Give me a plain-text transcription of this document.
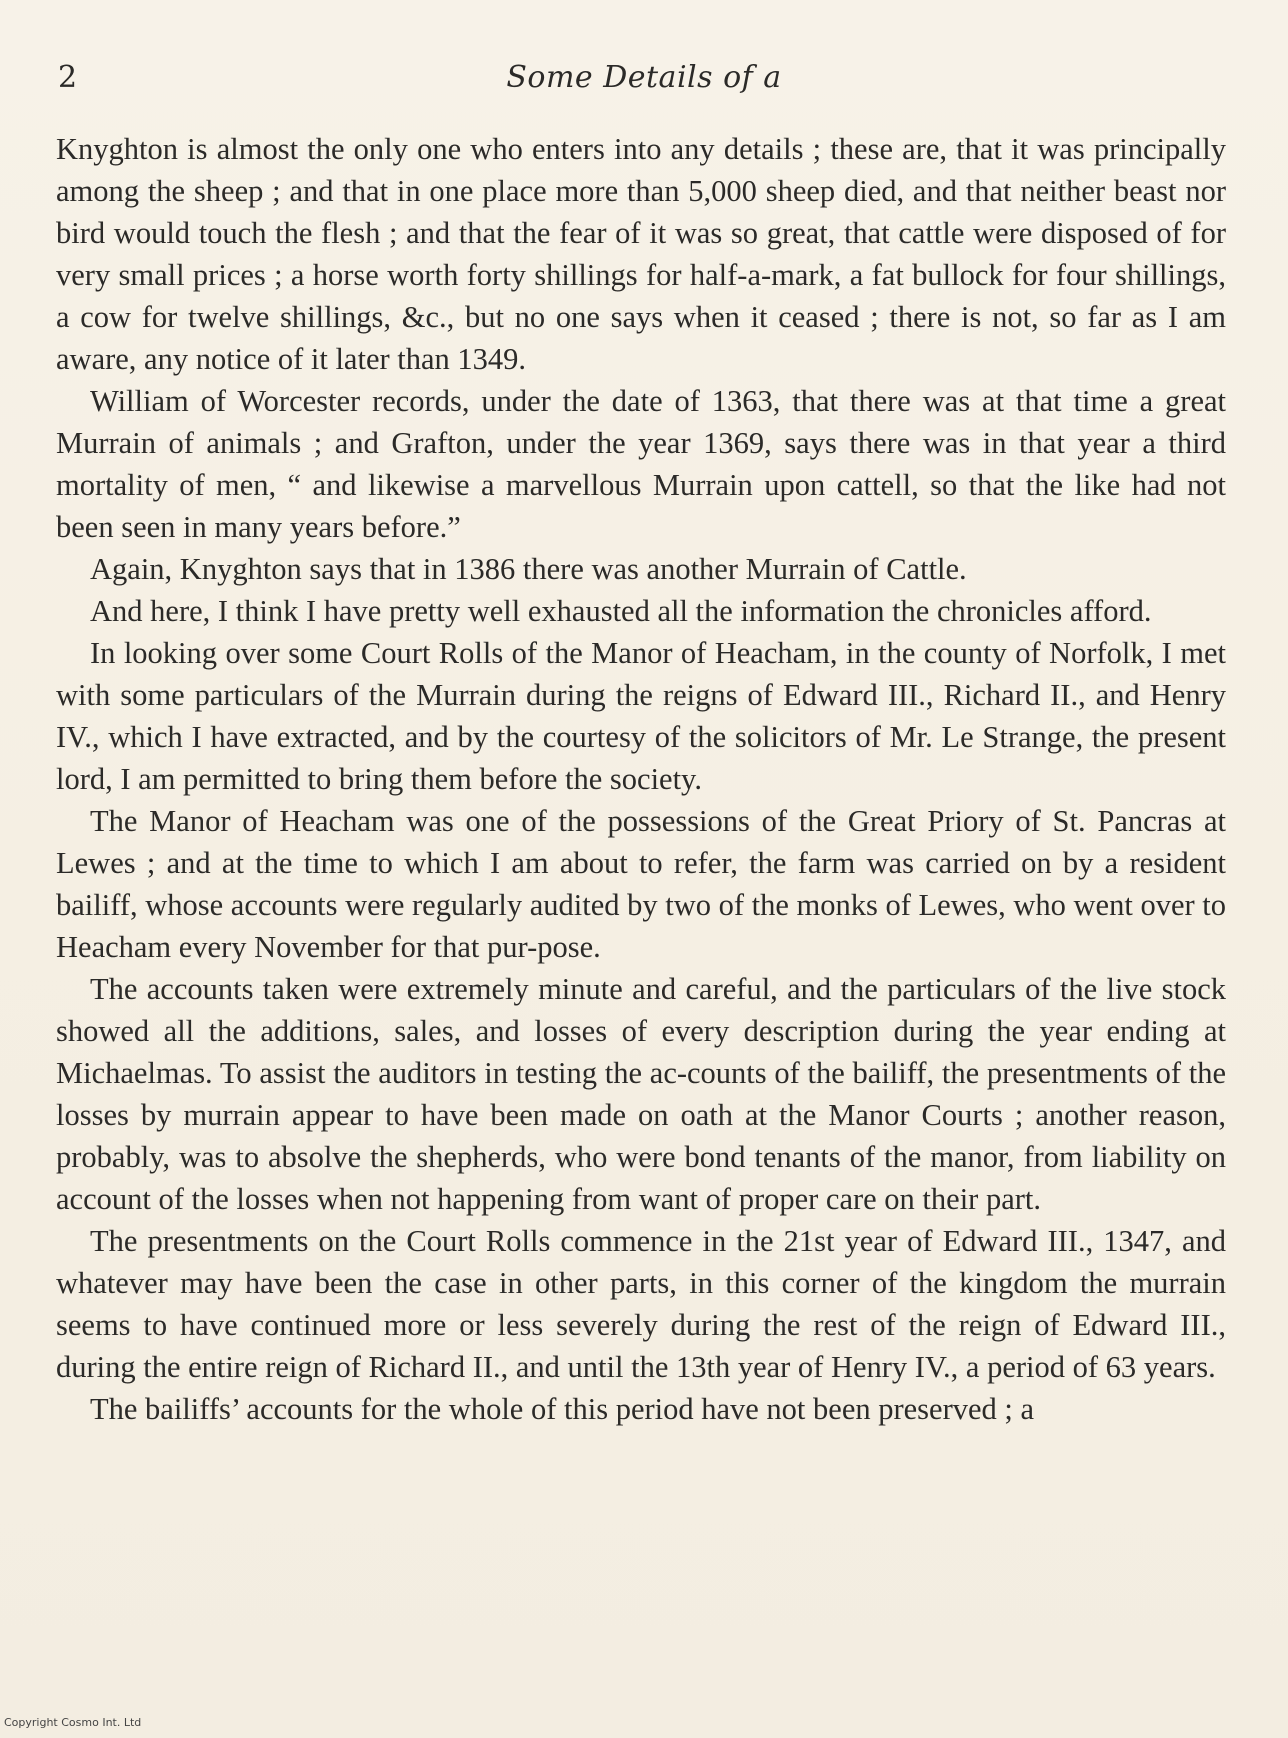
2	Some Details of a

Knyghton is almost the only one who enters into any details ; these are, that it was principally among the sheep ; and that in one place more than 5,000 sheep died, and that neither beast nor bird would touch the flesh ; and that the fear of it was so great, that cattle were disposed of for very small prices ; a horse worth forty shillings for half-a-mark, a fat bullock for four shillings, a cow for twelve shillings, &c., but no one says when it ceased ; there is not, so far as I am aware, any notice of it later than 1349.

William of Worcester records, under the date of 1363, that there was at that time a great Murrain of animals ; and Grafton, under the year 1369, says there was in that year a third mortality of men, “ and likewise a marvellous Murrain upon cattell, so that the like had not been seen in many years before.”

Again, Knyghton says that in 1386 there was another Murrain of Cattle.

And here, I think I have pretty well exhausted all the information the chronicles afford.

In looking over some Court Rolls of the Manor of Heacham, in the county of Norfolk, I met with some particulars of the Murrain during the reigns of Edward III., Richard II., and Henry IV., which I have extracted, and by the courtesy of the solicitors of Mr. Le Strange, the present lord, I am permitted to bring them before the society.

The Manor of Heacham was one of the possessions of the Great Priory of St. Pancras at Lewes ; and at the time to which I am about to refer, the farm was carried on by a resident bailiff, whose accounts were regularly audited by two of the monks of Lewes, who went over to Heacham every November for that pur-pose.

The accounts taken were extremely minute and careful, and the particulars of the live stock showed all the additions, sales, and losses of every description during the year ending at Michaelmas. To assist the auditors in testing the ac-counts of the bailiff, the presentments of the losses by murrain appear to have been made on oath at the Manor Courts ; another reason, probably, was to absolve the shepherds, who were bond tenants of the manor, from liability on account of the losses when not happening from want of proper care on their part.

The presentments on the Court Rolls commence in the 21st year of Edward III., 1347, and whatever may have been the case in other parts, in this corner of the kingdom the murrain seems to have continued more or less severely during the rest of the reign of Edward III., during the entire reign of Richard II., and until the 13th year of Henry IV., a period of 63 years.

The bailiffs’ accounts for the whole of this period have not been preserved ; a

Copyright Cosmo Int. Ltd
